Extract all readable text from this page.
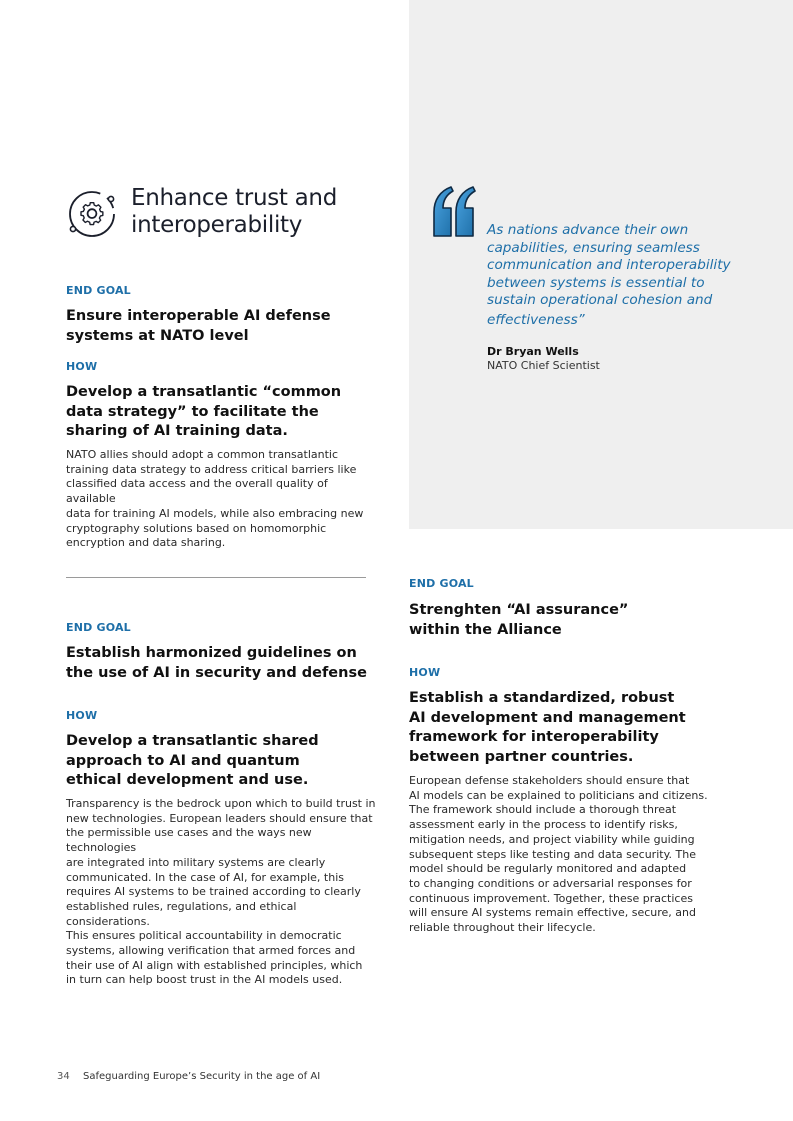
Enhance trust and
interoperability
END GOAL
Ensure interoperable AI defense
systems at NATO level
HOW
Develop a transatlantic “common
data strategy” to facilitate the
sharing of AI training data.
NATO allies should adopt a common transatlantic
training data strategy to address critical barriers like
classified data access and the overall quality of available
data for training AI models, while also embracing new
cryptography solutions based on homomorphic
encryption and data sharing.
END GOAL
Establish harmonized guidelines on
the use of AI in security and defense
HOW
Develop a transatlantic shared
approach to AI and quantum
ethical development and use.
Transparency is the bedrock upon which to build trust in
new technologies. European leaders should ensure that
the permissible use cases and the ways new technologies
are integrated into military systems are clearly
communicated. In the case of AI, for example, this
requires AI systems to be trained according to clearly
established rules, regulations, and ethical considerations.
This ensures political accountability in democratic
systems, allowing verification that armed forces and
their use of AI align with established principles, which
in turn can help boost trust in the AI models used.
As nations advance their own
capabilities, ensuring seamless
communication and interoperability
between systems is essential to
sustain operational cohesion and
effectiveness”
Dr Bryan Wells
NATO Chief Scientist
END GOAL
Strenghten “AI assurance”
within the Alliance
HOW
Establish a standardized, robust
AI development and management
framework for interoperability
between partner countries.
European defense stakeholders should ensure that
AI models can be explained to politicians and citizens.
The framework should include a thorough threat
assessment early in the process to identify risks,
mitigation needs, and project viability while guiding
subsequent steps like testing and data security. The
model should be regularly monitored and adapted
to changing conditions or adversarial responses for
continuous improvement. Together, these practices
will ensure AI systems remain effective, secure, and
reliable throughout their lifecycle.
34 Safeguarding Europe’s Security in the age of AI
